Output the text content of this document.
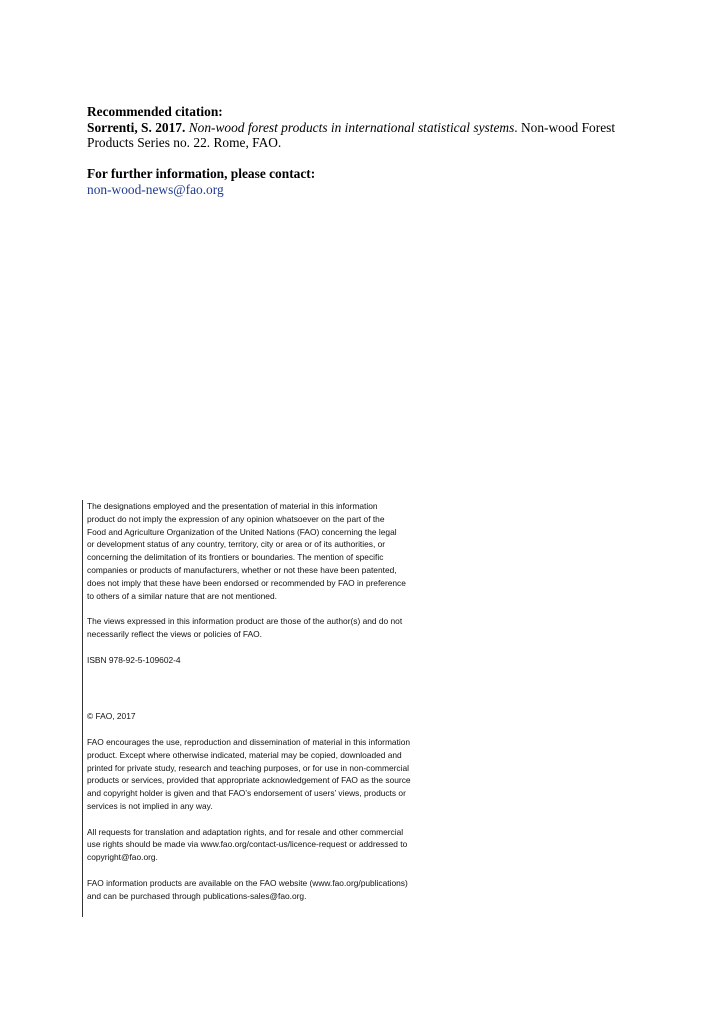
Recommended citation:

Sorrenti, S. 2017. Non-wood forest products in international statistical systems. Non-wood Forest Products Series no. 22. Rome, FAO.

For further information, please contact:

non-wood-news@fao.org

The designations employed and the presentation of material in this information
product do not imply the expression of any opinion whatsoever on the part of the
Food and Agriculture Organization of the United Nations (FAO) concerning the legal
or development status of any country, territory, city or area or of its authorities, or
concerning the delimitation of its frontiers or boundaries. The mention of specific
companies or products of manufacturers, whether or not these have been patented,
does not imply that these have been endorsed or recommended by FAO in preference
to others of a similar nature that are not mentioned.

The views expressed in this information product are those of the author(s) and do not
necessarily reflect the views or policies of FAO.

ISBN 978-92-5-109602-4

© FAO, 2017

FAO encourages the use, reproduction and dissemination of material in this information
product. Except where otherwise indicated, material may be copied, downloaded and
printed for private study, research and teaching purposes, or for use in non-commercial
products or services, provided that appropriate acknowledgement of FAO as the source
and copyright holder is given and that FAO’s endorsement of users’ views, products or
services is not implied in any way.

All requests for translation and adaptation rights, and for resale and other commercial
use rights should be made via www.fao.org/contact-us/licence-request or addressed to
copyright@fao.org.

FAO information products are available on the FAO website (www.fao.org/publications)
and can be purchased through publications-sales@fao.org.
